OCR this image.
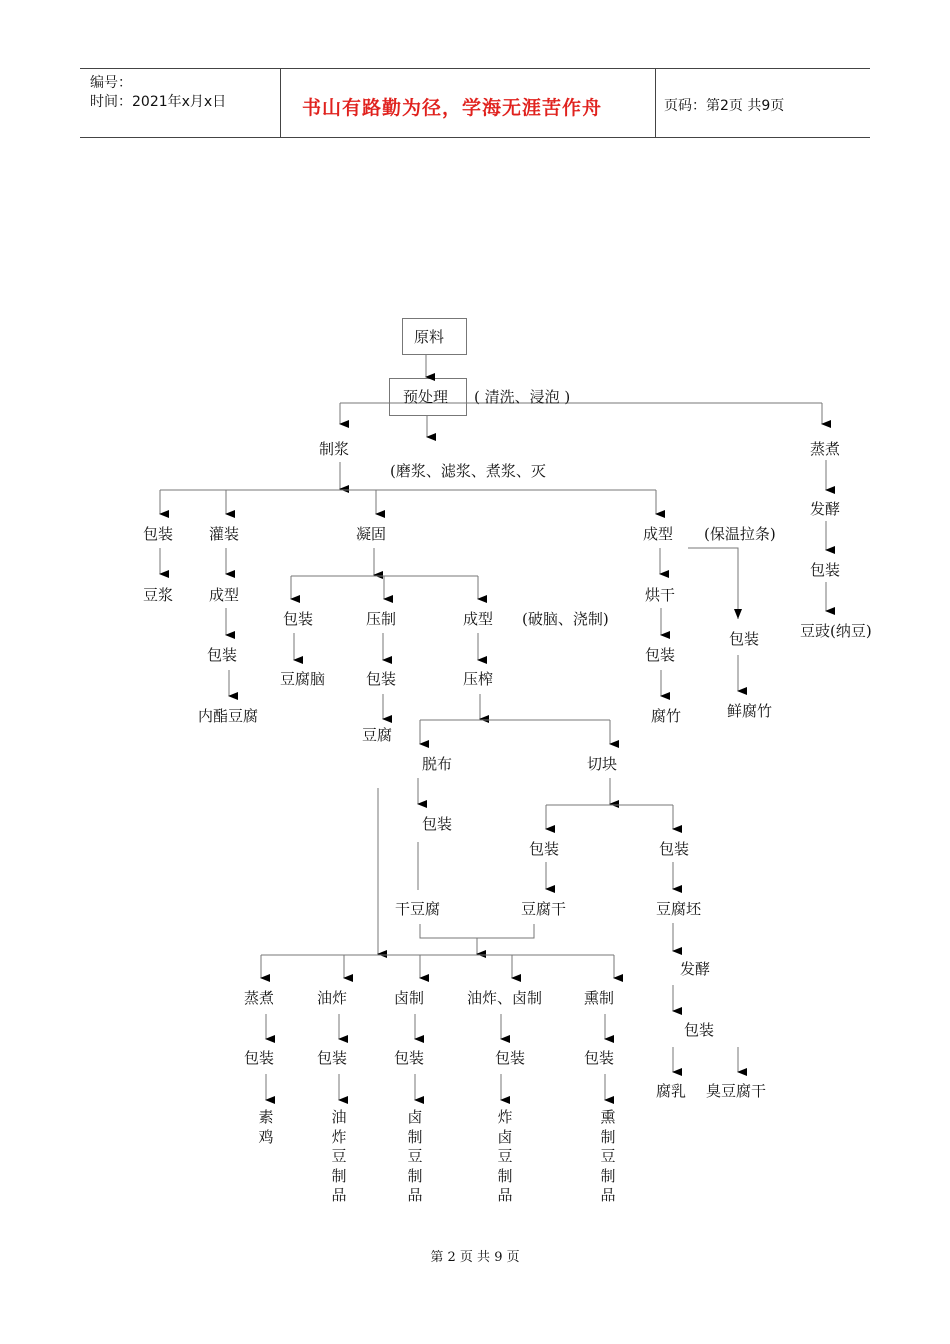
编号：
时间：2021年x月x日	书山有路勤为径，学海无涯苦作舟	页码：第2页 共9页
原料
预处理 ( 清洗、浸泡 )
制浆
(磨浆、滤浆、煮浆、灭
蒸煮
发酵
包装
豆豉(纳豆)
包装 灌装	凝固	成型 (保温拉条)
豆浆 成型
包装
内酯豆腐
包装	压制	成型 (破脑、浇制)
豆腐脑	包装	压榨
豆腐
烘干
包装
腐竹
包装
鲜腐竹
脱布	切块
包装
包装	包装
干豆腐	豆腐干	豆腐坯
发酵
包装
腐乳 臭豆腐干
蒸煮	油炸	卤制	油炸、卤制	熏制
包装	包装	包装	包装	包装
素鸡
油炸豆制品
卤制豆制品
炸卤豆制品
熏制豆制品
第 2 页 共 9 页
